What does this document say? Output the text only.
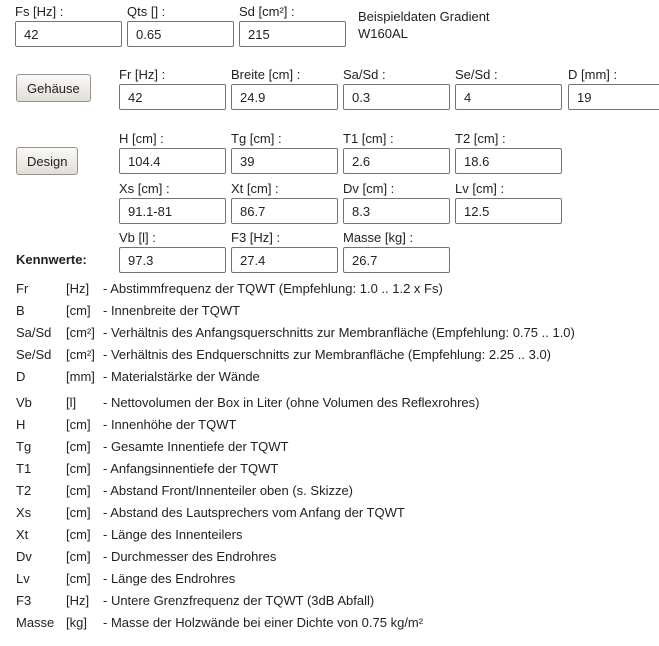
Fs [Hz] :
42	Qts [] :
0.65	Sd [cm²] :
215	Beispieldaten Gradient
W160AL
Gehäuse
Fr [Hz] :
42	Breite [cm] :
24.9	Sa/Sd :
0.3	Se/Sd :
4	D [mm] :
19
Design
H [cm] :
104.4	Tg [cm] :
39	T1 [cm] :
2.6	T2 [cm] :
18.6
Xs [cm] :
91.1-81	Xt [cm] :
86.7	Dv [cm] :
8.3	Lv [cm] :
12.5
Kennwerte:
Vb [l] :
97.3	F3 [Hz] :
27.4	Masse [kg] :
26.7
Fr	[Hz] - Abstimmfrequenz der TQWT (Empfehlung: 1.0 .. 1.2 x Fs)
B	[cm] - Innenbreite der TQWT
Sa/Sd [cm²] - Verhältnis des Anfangsquerschnitts zur Membranfläche (Empfehlung: 0.75 .. 1.0)
Se/Sd [cm²] - Verhältnis des Endquerschnitts zur Membranfläche (Empfehlung: 2.25 .. 3.0)
D	[mm] - Materialstärke der Wände
Vb	[l] - Nettovolumen der Box in Liter (ohne Volumen des Reflexrohres)
H	[cm] - Innenhöhe der TQWT
Tg	[cm] - Gesamte Innentiefe der TQWT
T1	[cm] - Anfangsinnentiefe der TQWT
T2	[cm] - Abstand Front/Innenteiler oben (s. Skizze)
Xs	[cm] - Abstand des Lautsprechers vom Anfang der TQWT
Xt	[cm] - Länge des Innenteilers
Dv	[cm] - Durchmesser des Endrohres
Lv	[cm] - Länge des Endrohres
F3	[Hz] - Untere Grenzfrequenz der TQWT (3dB Abfall)
Masse [kg] - Masse der Holzwände bei einer Dichte von 0.75 kg/m²
